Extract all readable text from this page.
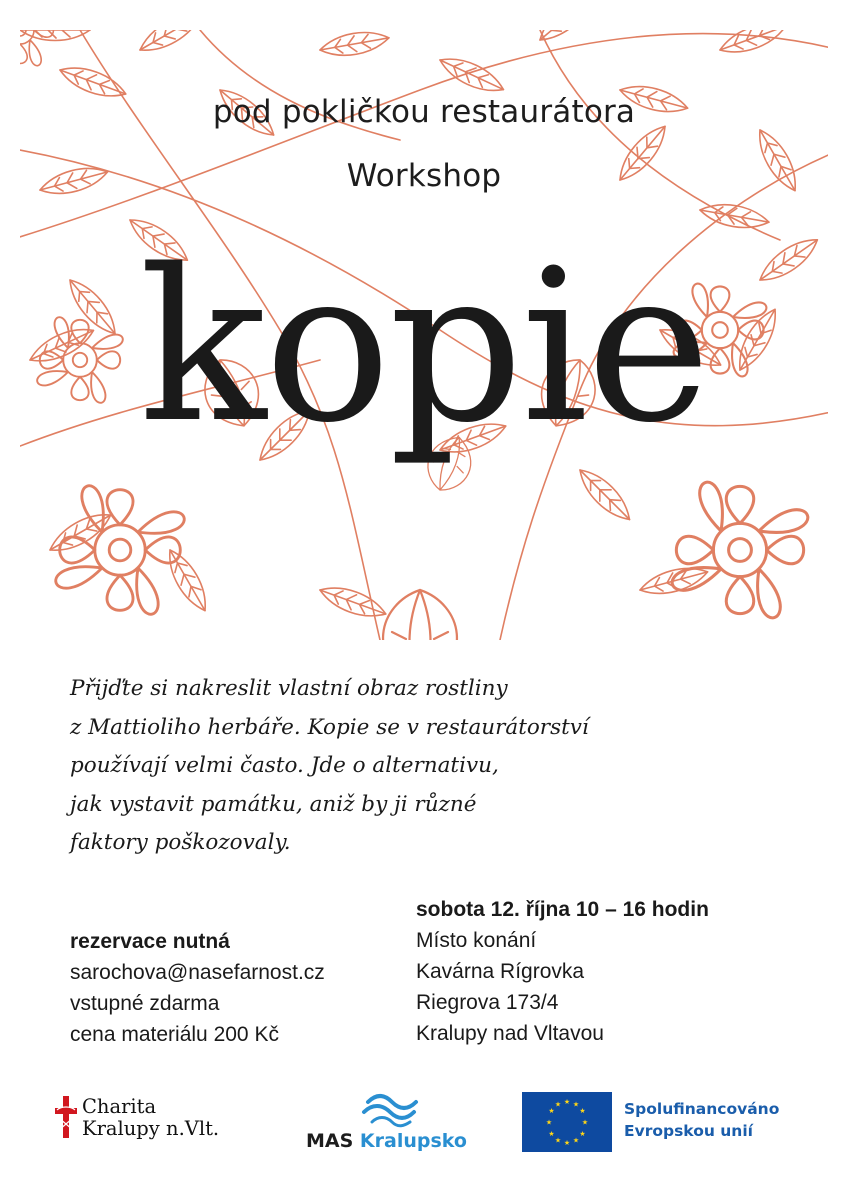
pod pokličkou restaurátora
Workshop
kopie
Přijďte si nakreslit vlastní obraz rostliny
z Mattioliho herbáře. Kopie se v restaurátorství
používají velmi často. Jde o alternativu,
jak vystavit památku, aniž by ji různé
faktory poškozovaly.
rezervace nutná
sarochova@nasefarnost.cz
vstupné zdarma
cena materiálu 200 Kč
sobota 12. října 10 – 16 hodin
Místo konání
Kavárna Rígrovka
Riegrova 173/4
Kralupy nad Vltavou
Charita
Kralupy n.Vlt.
MAS Kralupsko
★ ★
★
★
★
★
★
★
★
★
★
★	Spolufinancováno
Evropskou unií
